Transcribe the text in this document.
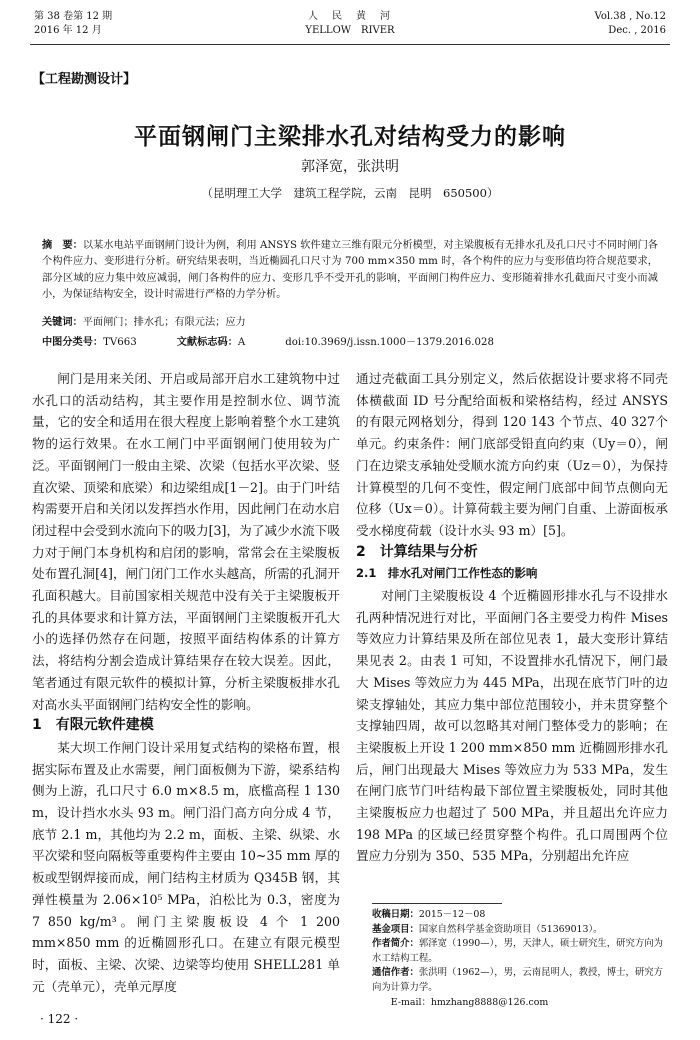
第 38 卷第 12 期
2016 年 12 月
人　民　黄　河
YELLOW　RIVER
Vol.38 , No.12
Dec. , 2016
【工程勘测设计】
平面钢闸门主梁排水孔对结构受力的影响
郭泽宽，张洪明
（昆明理工大学　建筑工程学院，云南　昆明　650500）
摘　要：以某水电站平面钢闸门设计为例，利用 ANSYS 软件建立三维有限元分析模型，对主梁腹板有无排水孔及孔口尺寸不同时闸门各个构件应力、变形进行分析。研究结果表明，当近椭圆孔口尺寸为 700 mm×350 mm 时，各个构件的应力与变形值均符合规范要求，部分区域的应力集中效应减弱，闸门各构件的应力、变形几乎不受开孔的影响，平面闸门构件应力、变形随着排水孔截面尺寸变小而减小，为保证结构安全，设计时需进行严格的力学分析。
关键词：平面闸门；排水孔；有限元法；应力
中图分类号：TV663	文献标志码：A	doi:10.3969/j.issn.1000－1379.2016.028

闸门是用来关闭、开启或局部开启水工建筑物中过水孔口的活动结构，其主要作用是控制水位、调节流量，它的安全和适用在很大程度上影响着整个水工建筑物的运行效果。在水工闸门中平面钢闸门使用较为广泛。平面钢闸门一般由主梁、次梁（包括水平次梁、竖直次梁、顶梁和底梁）和边梁组成[1－2]。由于门叶结构需要开启和关闭以发挥挡水作用，因此闸门在动水启闭过程中会受到水流向下的吸力[3]，为了减少水流下吸力对于闸门本身机构和启闭的影响，常常会在主梁腹板处布置孔洞[4]，闸门闭门工作水头越高，所需的孔洞开孔面积越大。目前国家相关规范中没有关于主梁腹板开孔的具体要求和计算方法，平面钢闸门主梁腹板开孔大小的选择仍然存在问题，按照平面结构体系的计算方法，将结构分割会造成计算结果存在较大误差。因此，笔者通过有限元软件的模拟计算，分析主梁腹板排水孔对高水头平面钢闸门结构安全性的影响。

1　有限元软件建模

某大坝工作闸门设计采用复式结构的梁格布置，根据实际布置及止水需要，闸门面板侧为下游，梁系结构侧为上游，孔口尺寸 6.0 m×8.5 m，底槛高程 1 130 m，设计挡水水头 93 m。闸门沿门高方向分成 4 节，底节 2.1 m，其他均为 2.2 m，面板、主梁、纵梁、水平次梁和竖向隔板等重要构件主要由 10~35 mm 厚的板或型钢焊接而成，闸门结构主材质为 Q345B 钢，其弹性模量为 2.06×10⁵ MPa，泊松比为 0.3，密度为 7 850 kg/m³。闸门主梁腹板设 4 个 1 200 mm×850 mm 的近椭圆形孔口。在建立有限元模型时，面板、主梁、次梁、边梁等均使用 SHELL281 单元（壳单元），壳单元厚度

通过壳截面工具分别定义，然后依据设计要求将不同壳体横截面 ID 号分配给面板和梁格结构，经过 ANSYS 的有限元网格划分，得到 120 143 个节点、40 327个单元。约束条件：闸门底部受铅直向约束（Uy＝0），闸门在边梁支承轴处受顺水流方向约束（Uz＝0），为保持计算模型的几何不变性，假定闸门底部中间节点侧向无位移（Ux＝0）。计算荷载主要为闸门自重、上游面板承受水梯度荷载（设计水头 93 m）[5]。

2　计算结果与分析

2.1　排水孔对闸门工作性态的影响

对闸门主梁腹板设 4 个近椭圆形排水孔与不设排水孔两种情况进行对比，平面闸门各主要受力构件 Mises 等效应力计算结果及所在部位见表 1，最大变形计算结果见表 2。由表 1 可知，不设置排水孔情况下，闸门最大 Mises 等效应力为 445 MPa，出现在底节门叶的边梁支撑轴处，其应力集中部位范围较小，并未贯穿整个支撑轴四周，故可以忽略其对闸门整体受力的影响；在主梁腹板上开设 1 200 mm×850 mm 近椭圆形排水孔后，闸门出现最大 Mises 等效应力为 533 MPa，发生在闸门底节门叶结构最下部位置主梁腹板处，同时其他主梁腹板应力也超过了 500 MPa，并且超出允许应力 198 MPa 的区域已经贯穿整个构件。孔口周围两个位置应力分别为 350、535 MPa，分别超出允许应

收稿日期：2015－12－08
基金项目：国家自然科学基金资助项目（51369013）。
作者简介：郭泽宽（1990—），男，天津人，硕士研究生，研究方向为水工结构工程。
通信作者：张洪明（1962—），男，云南昆明人，教授，博士，研究方向为计算力学。
E-mail：hmzhang8888@126.com
· 122 ·
